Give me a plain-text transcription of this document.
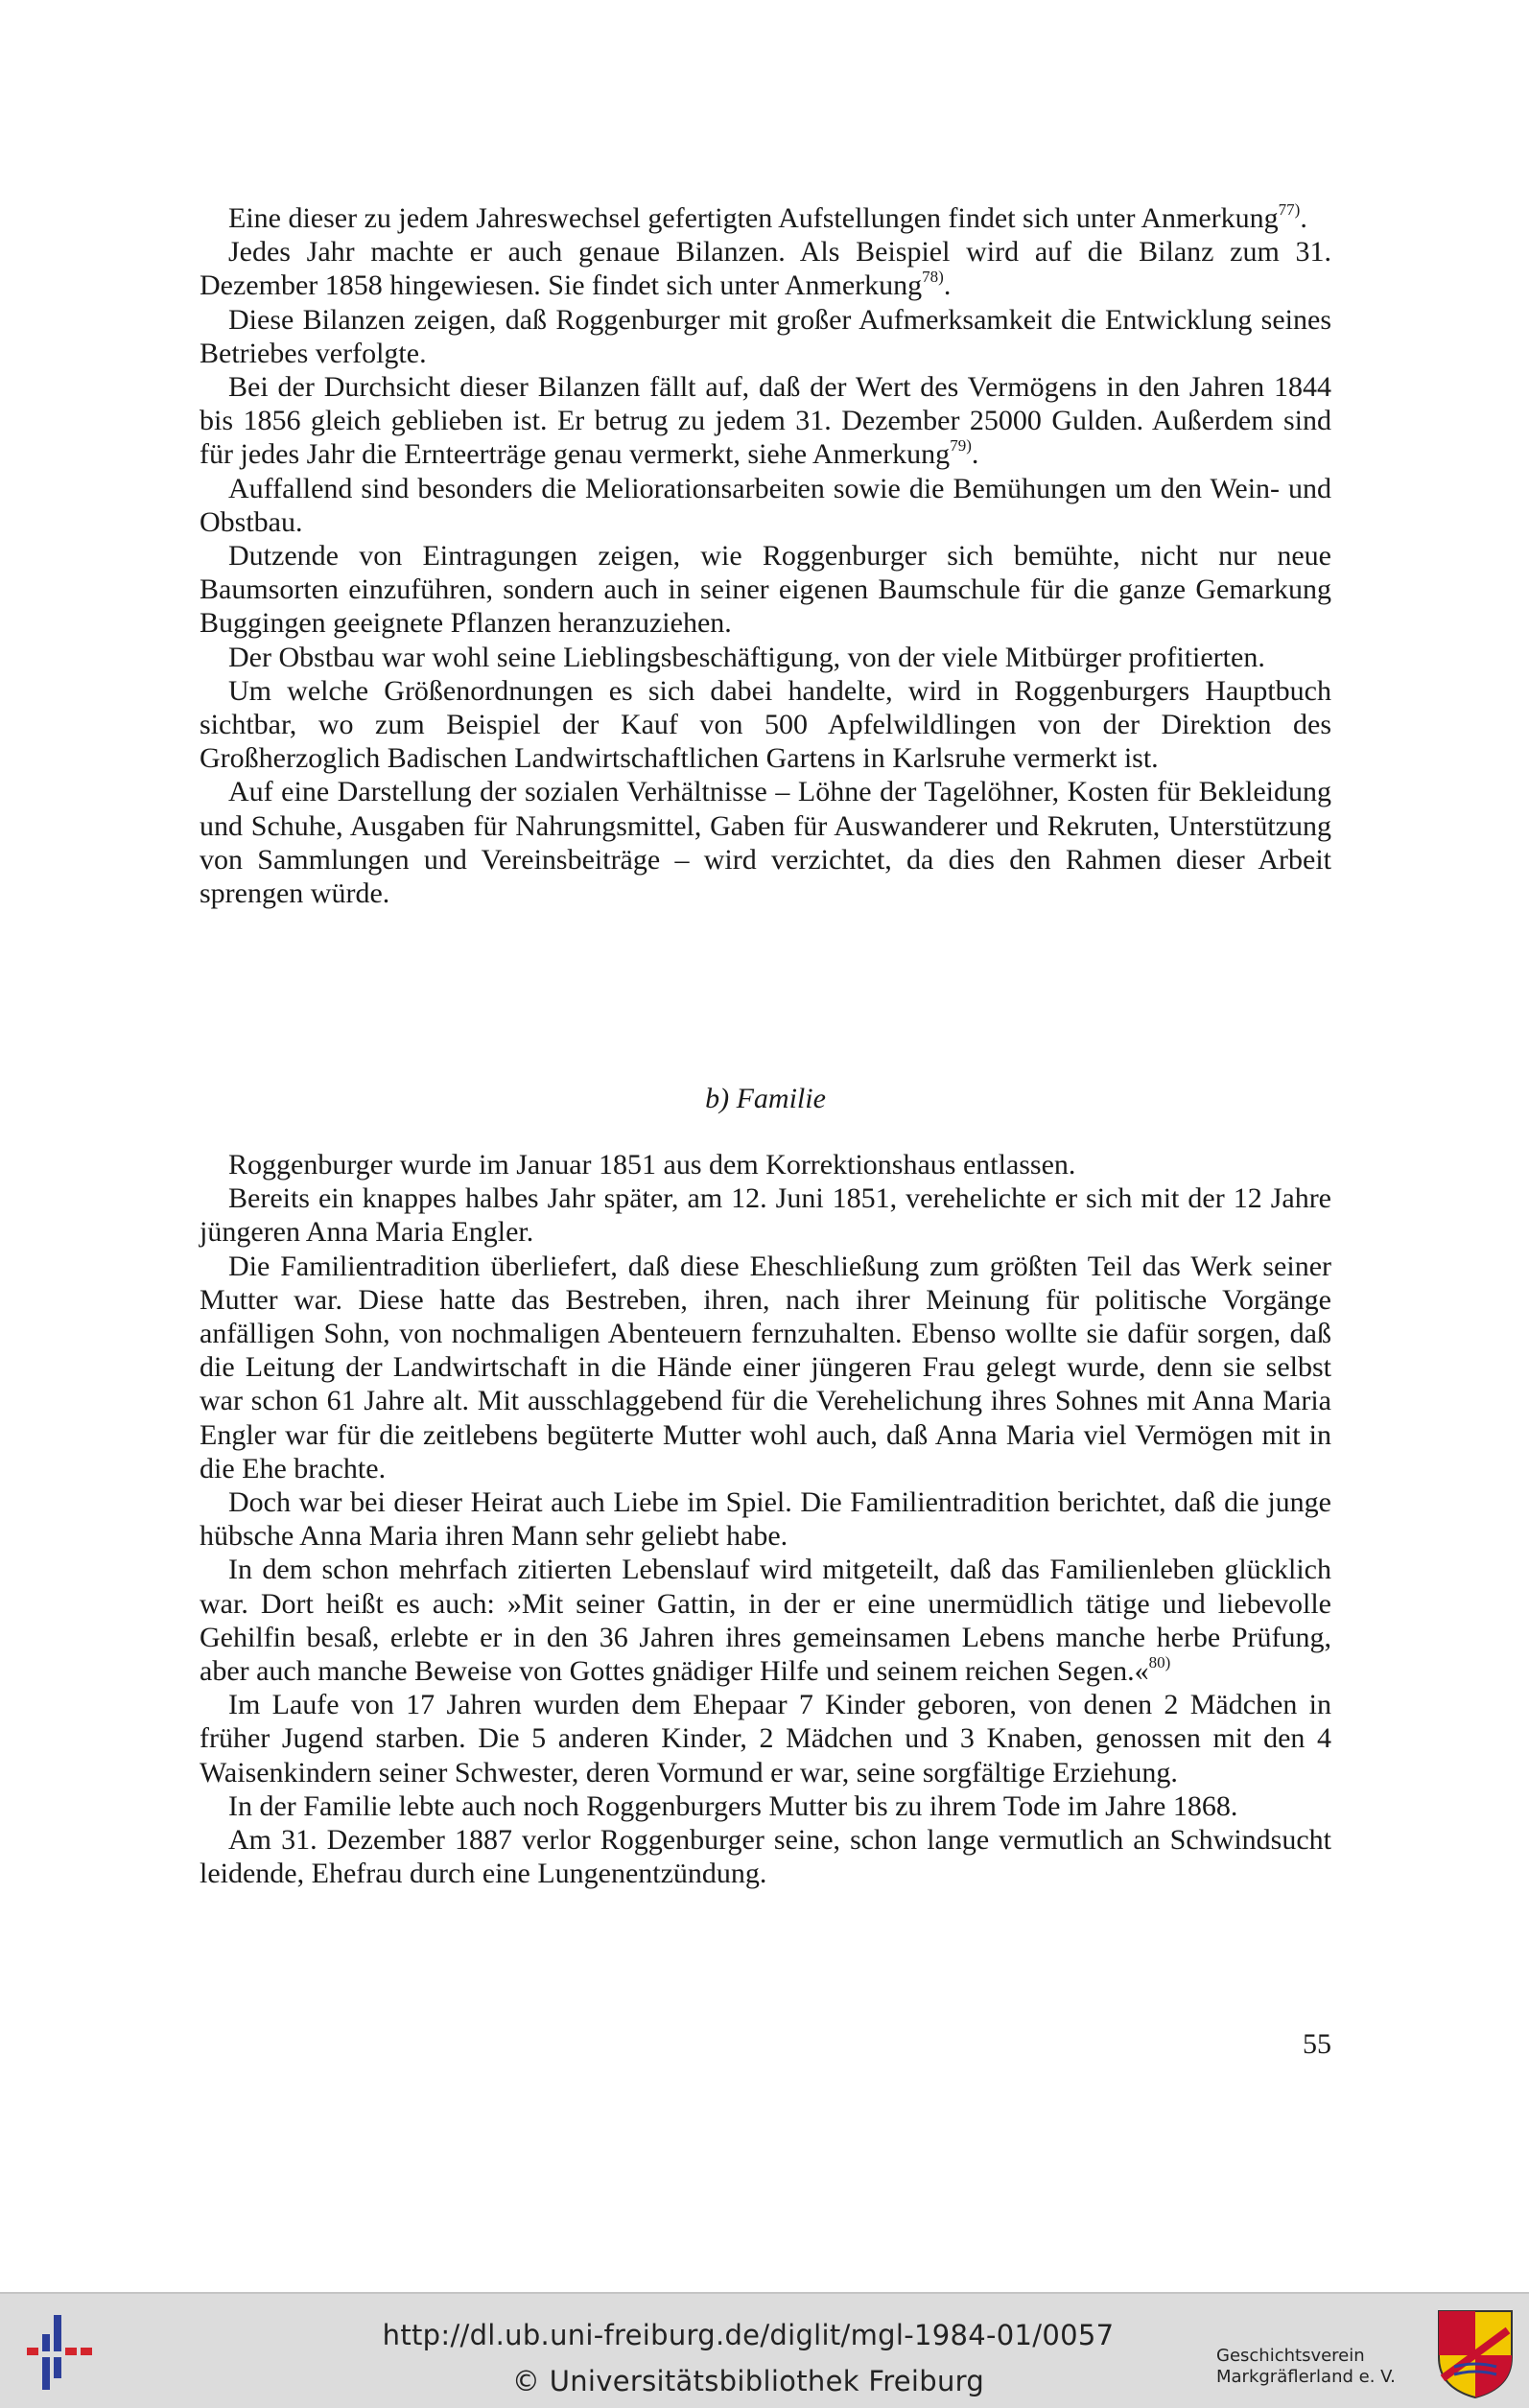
Eine dieser zu jedem Jahreswechsel gefertigten Aufstellungen findet sich unter Anmerkung$^{77)}$.

Jedes Jahr machte er auch genaue Bilanzen. Als Beispiel wird auf die Bilanz zum 31. Dezember 1858 hingewiesen. Sie findet sich unter Anmerkung$^{78)}$.

Diese Bilanzen zeigen, daß Roggenburger mit großer Aufmerksamkeit die Entwicklung seines Betriebes verfolgte.

Bei der Durchsicht dieser Bilanzen fällt auf, daß der Wert des Vermögens in den Jahren 1844 bis 1856 gleich geblieben ist. Er betrug zu jedem 31. Dezember 25000 Gulden. Außerdem sind für jedes Jahr die Ernteerträge genau vermerkt, siehe Anmerkung$^{79)}$.

Auffallend sind besonders die Meliorationsarbeiten sowie die Bemühungen um den Wein- und Obstbau.

Dutzende von Eintragungen zeigen, wie Roggenburger sich bemühte, nicht nur neue Baumsorten einzuführen, sondern auch in seiner eigenen Baumschule für die ganze Gemarkung Buggingen geeignete Pflanzen heranzuziehen.

Der Obstbau war wohl seine Lieblingsbeschäftigung, von der viele Mitbürger profitierten.

Um welche Größenordnungen es sich dabei handelte, wird in Roggenburgers Hauptbuch sichtbar, wo zum Beispiel der Kauf von 500 Apfelwildlingen von der Direktion des Großherzoglich Badischen Landwirtschaftlichen Gartens in Karlsruhe vermerkt ist.

Auf eine Darstellung der sozialen Verhältnisse – Löhne der Tagelöhner, Kosten für Bekleidung und Schuhe, Ausgaben für Nahrungsmittel, Gaben für Auswanderer und Rekruten, Unterstützung von Sammlungen und Vereinsbeiträge – wird verzichtet, da dies den Rahmen dieser Arbeit sprengen würde.

b) Familie

Roggenburger wurde im Januar 1851 aus dem Korrektionshaus entlassen.

Bereits ein knappes halbes Jahr später, am 12. Juni 1851, verehelichte er sich mit der 12 Jahre jüngeren Anna Maria Engler.

Die Familientradition überliefert, daß diese Eheschließung zum größten Teil das Werk seiner Mutter war. Diese hatte das Bestreben, ihren, nach ihrer Meinung für politische Vorgänge anfälligen Sohn, von nochmaligen Abenteuern fernzuhalten. Ebenso wollte sie dafür sorgen, daß die Leitung der Landwirtschaft in die Hände einer jüngeren Frau gelegt wurde, denn sie selbst war schon 61 Jahre alt. Mit ausschlaggebend für die Verehelichung ihres Sohnes mit Anna Maria Engler war für die zeitlebens begüterte Mutter wohl auch, daß Anna Maria viel Vermögen mit in die Ehe brachte.

Doch war bei dieser Heirat auch Liebe im Spiel. Die Familientradition berichtet, daß die junge hübsche Anna Maria ihren Mann sehr geliebt habe.

In dem schon mehrfach zitierten Lebenslauf wird mitgeteilt, daß das Familienleben glücklich war. Dort heißt es auch: »Mit seiner Gattin, in der er eine unermüdlich tätige und liebevolle Gehilfin besaß, erlebte er in den 36 Jahren ihres gemeinsamen Lebens manche herbe Prüfung, aber auch manche Beweise von Gottes gnädiger Hilfe und seinem reichen Segen.«$^{80)}$

Im Laufe von 17 Jahren wurden dem Ehepaar 7 Kinder geboren, von denen 2 Mädchen in früher Jugend starben. Die 5 anderen Kinder, 2 Mädchen und 3 Knaben, genossen mit den 4 Waisenkindern seiner Schwester, deren Vormund er war, seine sorgfältige Erziehung.

In der Familie lebte auch noch Roggenburgers Mutter bis zu ihrem Tode im Jahre 1868.

Am 31. Dezember 1887 verlor Roggenburger seine, schon lange vermutlich an Schwindsucht leidende, Ehefrau durch eine Lungenentzündung.

55
http://dl.ub.uni-freiburg.de/diglit/mgl-1984-01/0057
© Universitätsbibliothek Freiburg
Geschichtsverein
Markgräflerland e. V.
